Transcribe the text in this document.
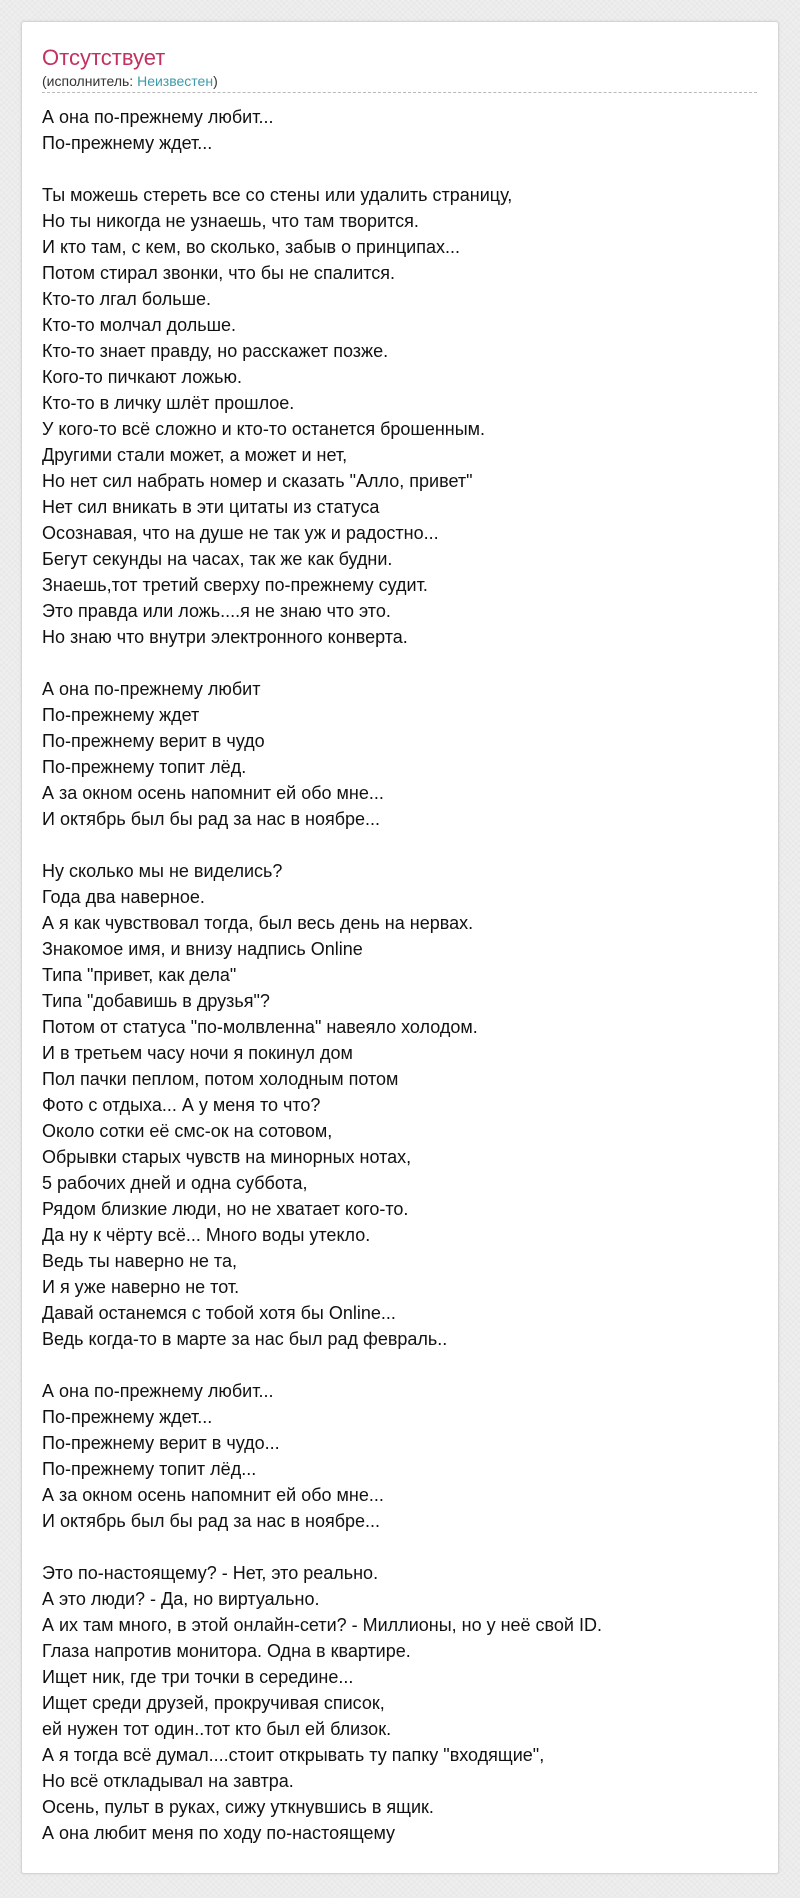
Отсутствует
(исполнитель: Неизвестен)
А она по-прежнему любит...
По-прежнему ждет...
Ты можешь стереть все со стены или удалить страницу,
Но ты никогда не узнаешь, что там творится.
И кто там, с кем, во сколько, забыв о принципах...
Потом стирал звонки, что бы не спалится.
Кто-то лгал больше.
Кто-то молчал дольше.
Кто-то знает правду, но расскажет позже.
Кого-то пичкают ложью.
Кто-то в личку шлёт прошлое.
У кого-то всё сложно и кто-то останется брошенным.
Другими стали может, а может и нет,
Но нет сил набрать номер и сказать "Алло, привет"
Нет сил вникать в эти цитаты из статуса
Осознавая, что на душе не так уж и радостно...
Бегут секунды на часах, так же как будни.
Знаешь,тот третий сверху по-прежнему судит.
Это правда или ложь....я не знаю что это.
Но знаю что внутри электронного конверта.
А она по-прежнему любит
По-прежнему ждет
По-прежнему верит в чудо
По-прежнему топит лёд.
А за окном осень напомнит ей обо мне...
И октябрь был бы рад за нас в ноябре...
Ну сколько мы не виделись?
Года два наверное.
А я как чувствовал тогда, был весь день на нервах.
Знакомое имя, и внизу надпись Online
Типа "привет, как дела"
Типа "добавишь в друзья"?
Потом от статуса "по-молвленна" навеяло холодом.
И в третьем часу ночи я покинул дом
Пол пачки пеплом, потом холодным потом
Фото с отдыха... А у меня то что?
Около сотки её смс-ок на сотовом,
Обрывки старых чувств на минорных нотах,
5 рабочих дней и одна суббота,
Рядом близкие люди, но не хватает кого-то.
Да ну к чёрту всё... Много воды утекло.
Ведь ты наверно не та,
И я уже наверно не тот.
Давай останемся с тобой хотя бы Online...
Ведь когда-то в марте за нас был рад февраль..
А она по-прежнему любит...
По-прежнему ждет...
По-прежнему верит в чудо...
По-прежнему топит лёд...
А за окном осень напомнит ей обо мне...
И октябрь был бы рад за нас в ноябре...
Это по-настоящему? - Нет, это реально.
А это люди? - Да, но виртуально.
А их там много, в этой онлайн-сети? - Миллионы, но у неё свой ID.
Глаза напротив монитора. Одна в квартире.
Ищет ник, где три точки в середине...
Ищет среди друзей, прокручивая список,
ей нужен тот один..тот кто был ей близок.
А я тогда всё думал....стоит открывать ту папку "входящие",
Но всё откладывал на завтра.
Осень, пульт в руках, сижу уткнувшись в ящик.
А она любит меня по ходу по-настоящему
